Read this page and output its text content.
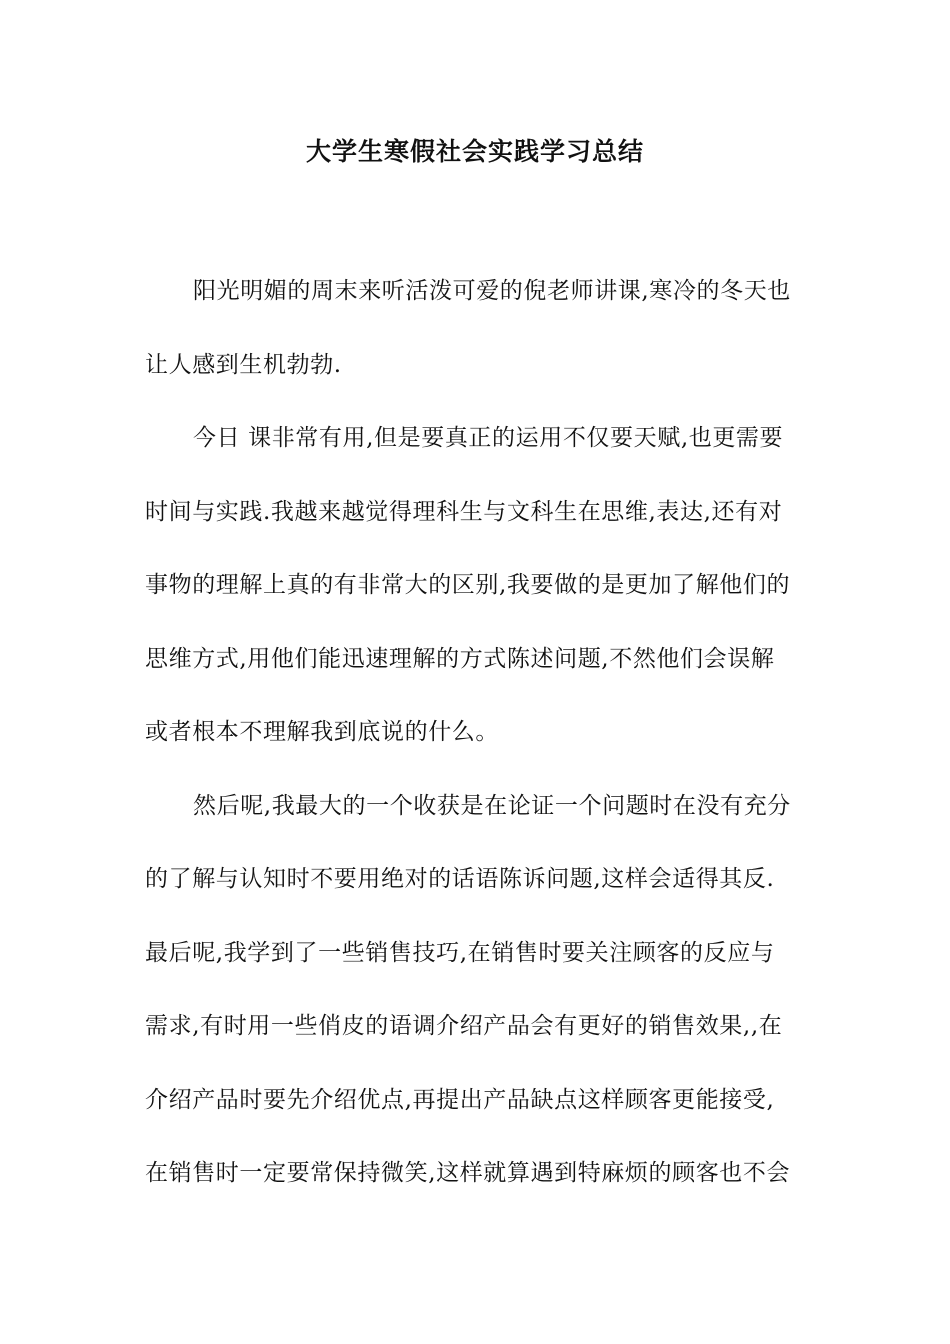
大学生寒假社会实践学习总结
阳光明媚的周末来听活泼可爱的倪老师讲课,寒冷的冬天也
让人感到生机勃勃.
今日 课非常有用,但是要真正的运用不仅要天赋,也更需要
时间与实践.我越来越觉得理科生与文科生在思维,表达,还有对
事物的理解上真的有非常大的区别,我要做的是更加了解他们的
思维方式,用他们能迅速理解的方式陈述问题,不然他们会误解
或者根本不理解我到底说的什么。
然后呢,我最大的一个收获是在论证一个问题时在没有充分
的了解与认知时不要用绝对的话语陈诉问题,这样会适得其反.
最后呢,我学到了一些销售技巧,在销售时要关注顾客的反应与
需求,有时用一些俏皮的语调介绍产品会有更好的销售效果,,在
介绍产品时要先介绍优点,再提出产品缺点这样顾客更能接受,
在销售时一定要常保持微笑,这样就算遇到特麻烦的顾客也不会
